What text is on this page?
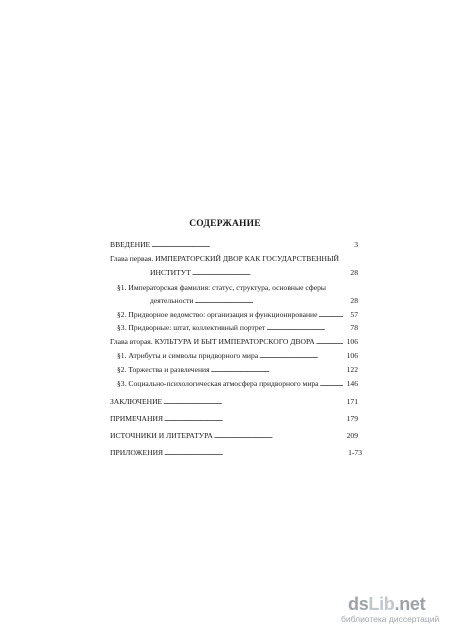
СОДЕРЖАНИЕ
ВВЕДЕНИЕ . . .	3
Глава первая. ИМПЕРАТОРСКИЙ ДВОР КАК ГОСУДАРСТВЕННЫЙ
ИНСТИТУТ . . .	28
§1. Императорская фамилия: статус, структура, основные сферы
деятельности . . .	28
§2. Придворное ведомство: организация и функционирование . . .	57
§3. Придворные: штат, коллективный портрет . . .	78
Глава вторая. КУЛЬТУРА И БЫТ ИМПЕРАТОРСКОГО ДВОРА . . .	106
§1. Атрибуты и символы придворного мира . . .	106
§2. Торжества и развлечения . . .	122
§3. Социально-психологическая атмосфера придворного мира . . .	146
ЗАКЛЮЧЕНИЕ . . .	171
ПРИМЕЧАНИЯ . . .	179
ИСТОЧНИКИ И ЛИТЕРАТУРА . . .	209
ПРИЛОЖЕНИЯ . . .	1-73
dsLib.net
библиотека диссертаций
